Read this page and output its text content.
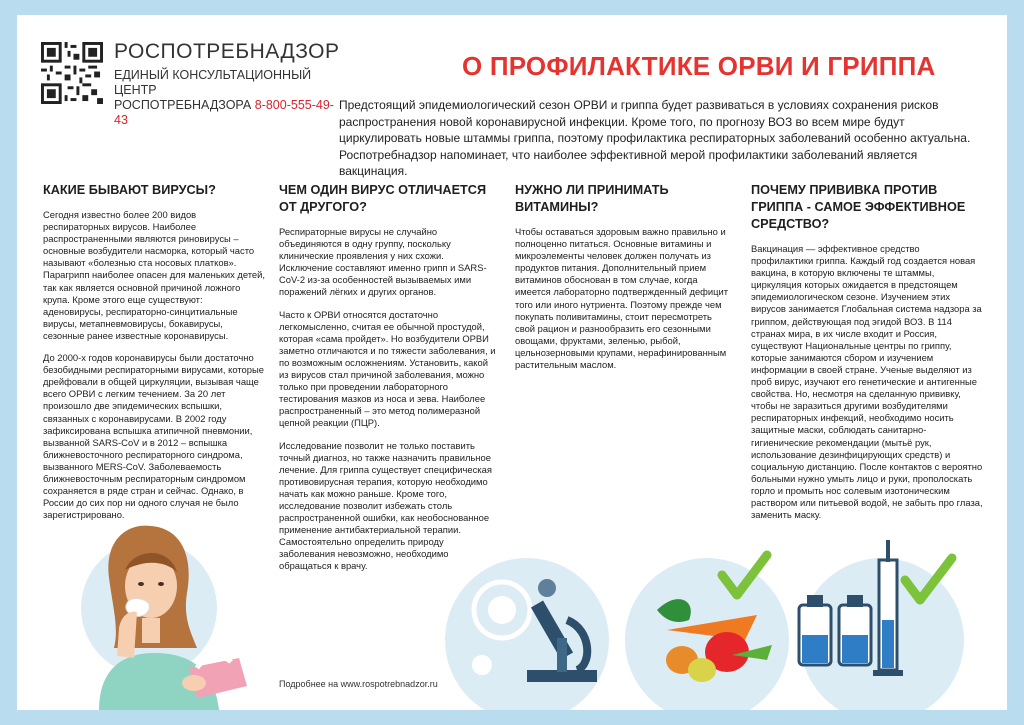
РОСПОТРЕБНАДЗОР
ЕДИНЫЙ КОНСУЛЬТАЦИОННЫЙ ЦЕНТР
РОСПОТРЕБНАДЗОРА 8-800-555-49-43
О ПРОФИЛАКТИКЕ ОРВИ И ГРИППА
Предстоящий эпидемиологический сезон ОРВИ и гриппа будет развиваться в условиях сохранения рисков распространения новой коронавирусной инфекции. Кроме того, по прогнозу ВОЗ во всем мире будут циркулировать новые штаммы гриппа, поэтому профилактика респираторных заболеваний особенно актуальна. Роспотребнадзор напоминает, что наиболее эффективной мерой профилактики заболеваний является вакцинация.
КАКИЕ БЫВАЮТ ВИРУСЫ?

Сегодня известно более 200 видов респираторных вирусов. Наиболее распространенными являются риновирусы – основные возбудители насморка, который часто называют «болезнью ста носовых платков». Парагрипп наиболее опасен для маленьких детей, так как является основной причиной ложного крупа. Кроме этого еще существуют: аденовирусы, респираторно-синцитиальные вирусы, метапневмовирусы, бокавирусы, сезонные ранее известные коронавирусы.

До 2000-х годов коронавирусы были достаточно безобидными респираторными вирусами, которые дрейфовали в общей циркуляции, вызывая чаще всего ОРВИ с легким течением. За 20 лет произошло две эпидемических вспышки, связанных с коронавирусами. В 2002 году зафиксирована вспышка атипичной пневмонии, вызванной SARS-CoV и в 2012 – вспышка ближневосточного респираторного синдрома, вызванного MERS-CoV. Заболеваемость ближневосточным респираторным синдромом сохраняется в ряде стран и сейчас. Однако, в России до сих пор ни одного случая не было зарегистрировано.

ЧЕМ ОДИН ВИРУС ОТЛИЧАЕТСЯ ОТ ДРУГОГО?

Респираторные вирусы не случайно объединяются в одну группу, поскольку клинические проявления у них схожи. Исключение составляют именно грипп и SARS-CoV-2 из-за особенностей вызываемых ими поражений лёгких и других органов.

Часто к ОРВИ относятся достаточно легкомысленно, считая ее обычной простудой, которая «сама пройдет». Но возбудители ОРВИ заметно отличаются и по тяжести заболевания, и по возможным осложнениям. Установить, какой из вирусов стал причиной заболевания, можно только при проведении лабораторного тестирования мазков из носа и зева. Наиболее распространенный – это метод полимеразной цепной реакции (ПЦР).

Исследование позволит не только поставить точный диагноз, но также назначить правильное лечение. Для гриппа существует специфическая противовирусная терапия, которую необходимо начать как можно раньше. Кроме того, исследование позволит избежать столь распространенной ошибки, как необоснованное применение антибактериальной терапии. Самостоятельно определить природу заболевания невозможно, необходимо обращаться к врачу.

НУЖНО ЛИ ПРИНИМАТЬ ВИТАМИНЫ?

Чтобы оставаться здоровым важно правильно и полноценно питаться. Основные витамины и микроэлементы человек должен получать из продуктов питания. Дополнительный прием витаминов обоснован в том случае, когда имеется лабораторно подтвержденный дефицит того или иного нутриента. Поэтому прежде чем покупать поливитамины, стоит пересмотреть свой рацион и разнообразить его сезонными овощами, фруктами, зеленью, рыбой, цельнозерновыми крупами, нерафинированным растительным маслом.

ПОЧЕМУ ПРИВИВКА ПРОТИВ ГРИППА - САМОЕ ЭФФЕКТИВНОЕ СРЕДСТВО?

Вакцинация — эффективное средство профилактики гриппа. Каждый год создается новая вакцина, в которую включены те штаммы, циркуляция которых ожидается в предстоящем эпидемиологическом сезоне. Изучением этих вирусов занимается Глобальная система надзора за гриппом, действующая под эгидой ВОЗ. В 114 странах мира, в их числе входит и Россия, существуют Национальные центры по гриппу, которые занимаются сбором и изучением информации в своей стране. Ученые выделяют из проб вирус, изучают его генетические и антигенные свойства. Но, несмотря на сделанную прививку, чтобы не заразиться другими возбудителями респираторных инфекций, необходимо носить защитные маски, соблюдать санитарно-гигиенические рекомендации (мытьё рук, использование дезинфицирующих средств) и социальную дистанцию. После контактов с вероятно больными нужно умыть лицо и руки, прополоскать горло и промыть нос солевым изотоническим раствором или питьевой водой, не забыть про глаза, заменить маску.

Подробнее на www.rospotrebnadzor.ru
